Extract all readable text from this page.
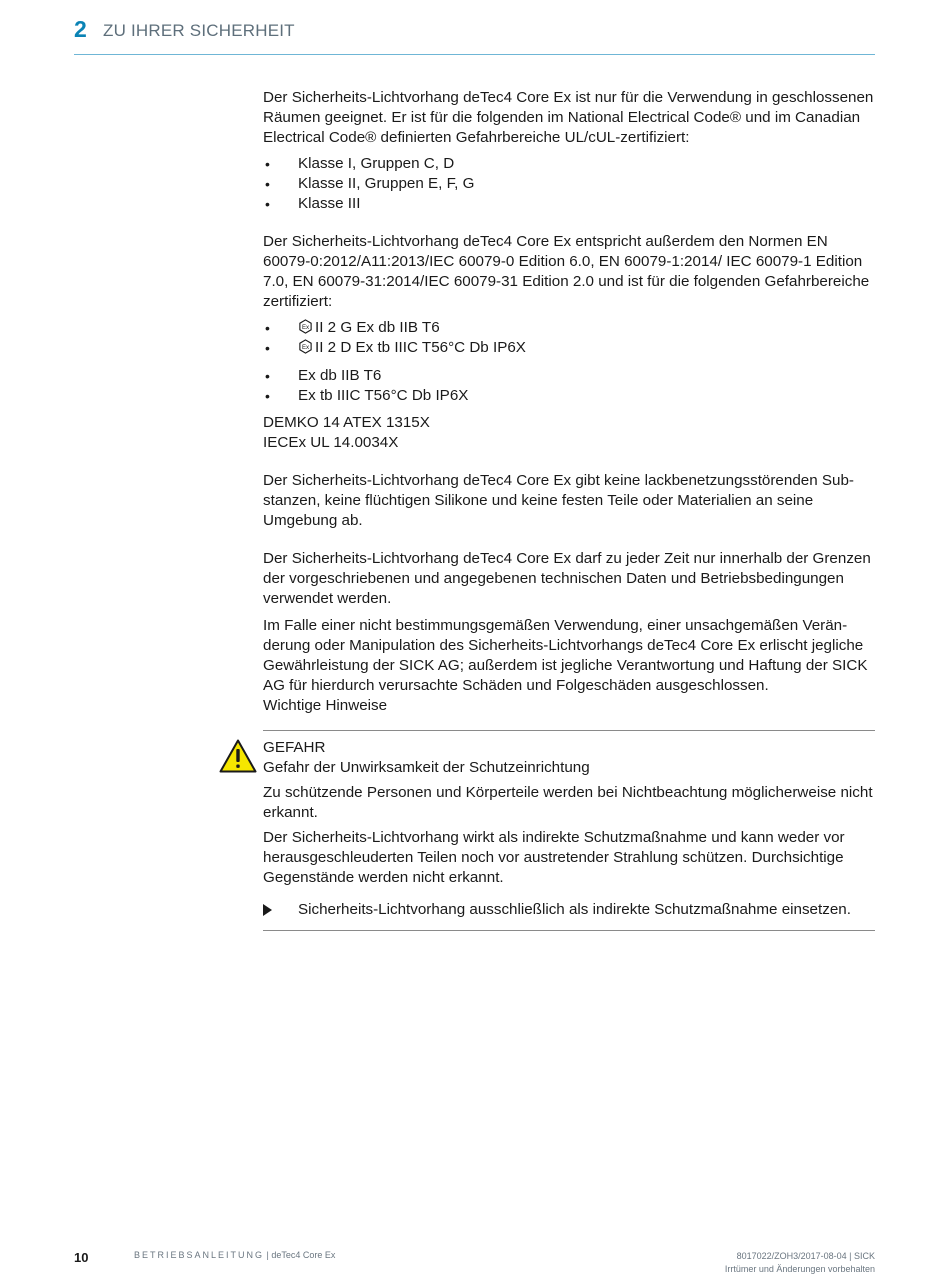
2 ZU IHRER SICHERHEIT

Der Sicherheits-Lichtvorhang deTec4 Core Ex ist nur für die Verwendung in geschlossenen Räumen geeignet. Er ist für die folgenden im National Electrical Code® und im Canadian Electrical Code® definierten Gefahrbereiche UL/cUL-zertifiziert:

• Klasse I, Gruppen C, D
• Klasse II, Gruppen E, F, G
• Klasse III

Der Sicherheits-Lichtvorhang deTec4 Core Ex entspricht außerdem den Normen EN 60079-0:2012/A11:2013/IEC 60079-0 Edition 6.0, EN 60079-1:2014/ IEC 60079-1 Edition 7.0, EN 60079-31:2014/IEC 60079-31 Edition 2.0 und ist für die folgenden Gefahrbereiche zertifiziert:

• Ex II 2 G Ex db IIB T6
• Ex II 2 D Ex tb IIIC T56°C Db IP6X
• Ex db IIB T6
• Ex tb IIIC T56°C Db IP6X

DEMKO 14 ATEX 1315X

IECEx UL 14.0034X

Der Sicherheits-Lichtvorhang deTec4 Core Ex gibt keine lackbenetzungsstörenden Substanzen, keine flüchtigen Silikone und keine festen Teile oder Materialien an seine Umgebung ab.

Der Sicherheits-Lichtvorhang deTec4 Core Ex darf zu jeder Zeit nur innerhalb der Grenzen der vorgeschriebenen und angegebenen technischen Daten und Betriebsbedingungen verwendet werden.

Im Falle einer nicht bestimmungsgemäßen Verwendung, einer unsachgemäßen Veränderung oder Manipulation des Sicherheits-Lichtvorhangs deTec4 Core Ex erlischt jegliche Gewährleistung der SICK AG; außerdem ist jegliche Verantwortung und Haftung der SICK AG für hierdurch verursachte Schäden und Folgeschäden ausgeschlossen.

Wichtige Hinweise

GEFAHR

Gefahr der Unwirksamkeit der Schutzeinrichtung

Zu schützende Personen und Körperteile werden bei Nichtbeachtung möglicherweise nicht erkannt.

Der Sicherheits-Lichtvorhang wirkt als indirekte Schutzmaßnahme und kann weder vor herausgeschleuderten Teilen noch vor austretender Strahlung schützen. Durchsichtige Gegenstände werden nicht erkannt.

Sicherheits-Lichtvorhang ausschließlich als indirekte Schutzmaßnahme einsetzen.
10	BETRIEBSANLEITUNG | deTec4 Core Ex	8017022/ZOH3/2017-08-04 | SICK
Irrtümer und Änderungen vorbehalten
